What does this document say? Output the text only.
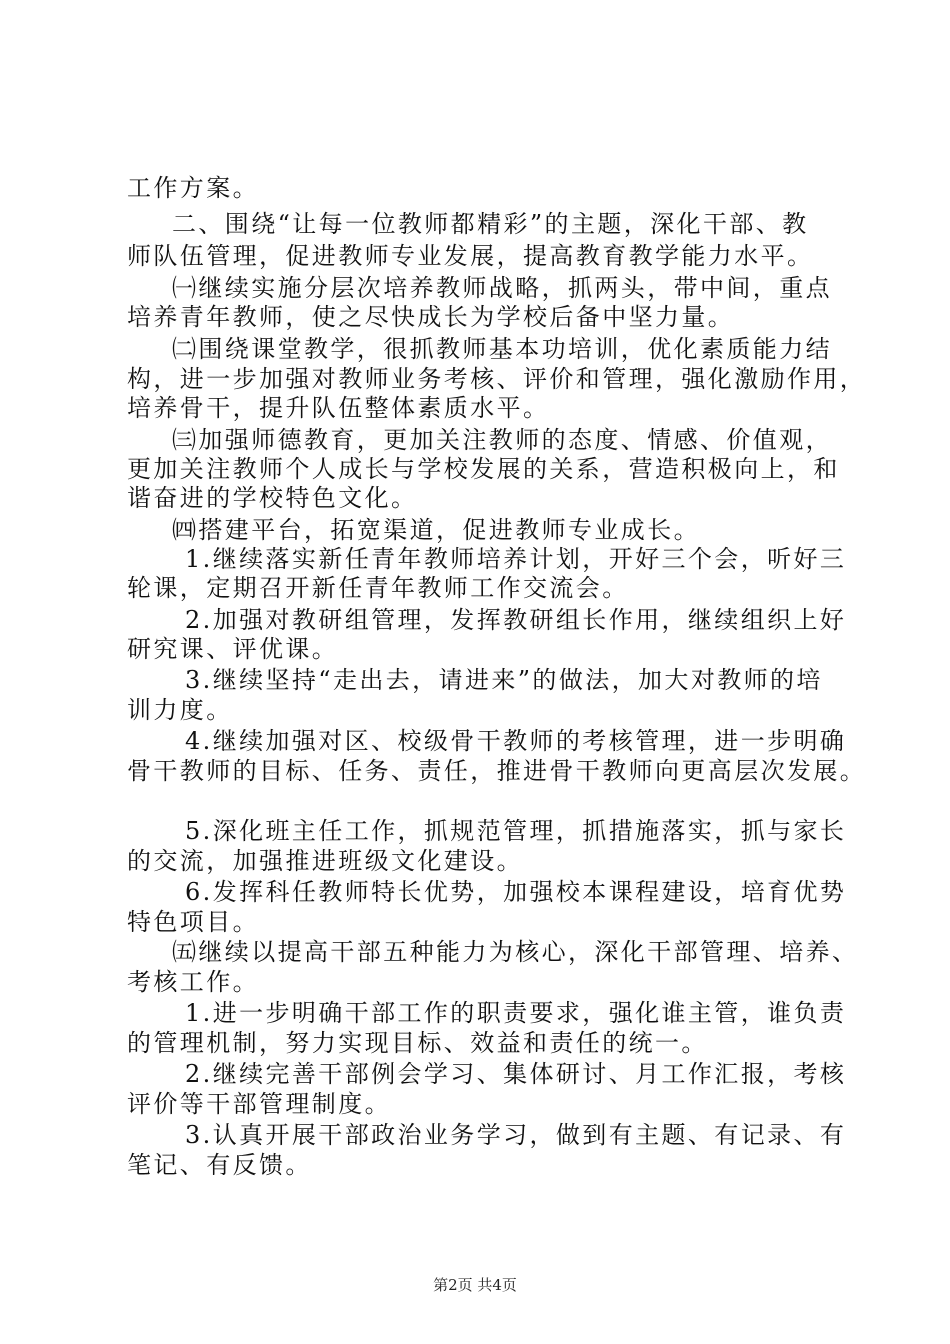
工作方案。
二、围绕“让每一位教师都精彩”的主题，深化干部、教
师队伍管理，促进教师专业发展，提高教育教学能力水平。
㈠继续实施分层次培养教师战略，抓两头，带中间，重点
培养青年教师，使之尽快成长为学校后备中坚力量。
㈡围绕课堂教学，很抓教师基本功培训，优化素质能力结
构，进一步加强对教师业务考核、评价和管理，强化激励作用，
培养骨干，提升队伍整体素质水平。
㈢加强师德教育，更加关注教师的态度、情感、价值观，
更加关注教师个人成长与学校发展的关系，营造积极向上，和
谐奋进的学校特色文化。
㈣搭建平台，拓宽渠道，促进教师专业成长。
1.继续落实新任青年教师培养计划，开好三个会，听好三
轮课，定期召开新任青年教师工作交流会。
2.加强对教研组管理，发挥教研组长作用，继续组织上好
研究课、评优课。
3.继续坚持“走出去，请进来”的做法，加大对教师的培
训力度。
4.继续加强对区、校级骨干教师的考核管理，进一步明确
骨干教师的目标、任务、责任，推进骨干教师向更高层次发展。
5.深化班主任工作，抓规范管理，抓措施落实，抓与家长
的交流，加强推进班级文化建设。
6.发挥科任教师特长优势，加强校本课程建设，培育优势
特色项目。
㈤继续以提高干部五种能力为核心，深化干部管理、培养、
考核工作。
1.进一步明确干部工作的职责要求，强化谁主管，谁负责
的管理机制，努力实现目标、效益和责任的统一。
2.继续完善干部例会学习、集体研讨、月工作汇报，考核
评价等干部管理制度。
3.认真开展干部政治业务学习，做到有主题、有记录、有
笔记、有反馈。
第2页 共4页
